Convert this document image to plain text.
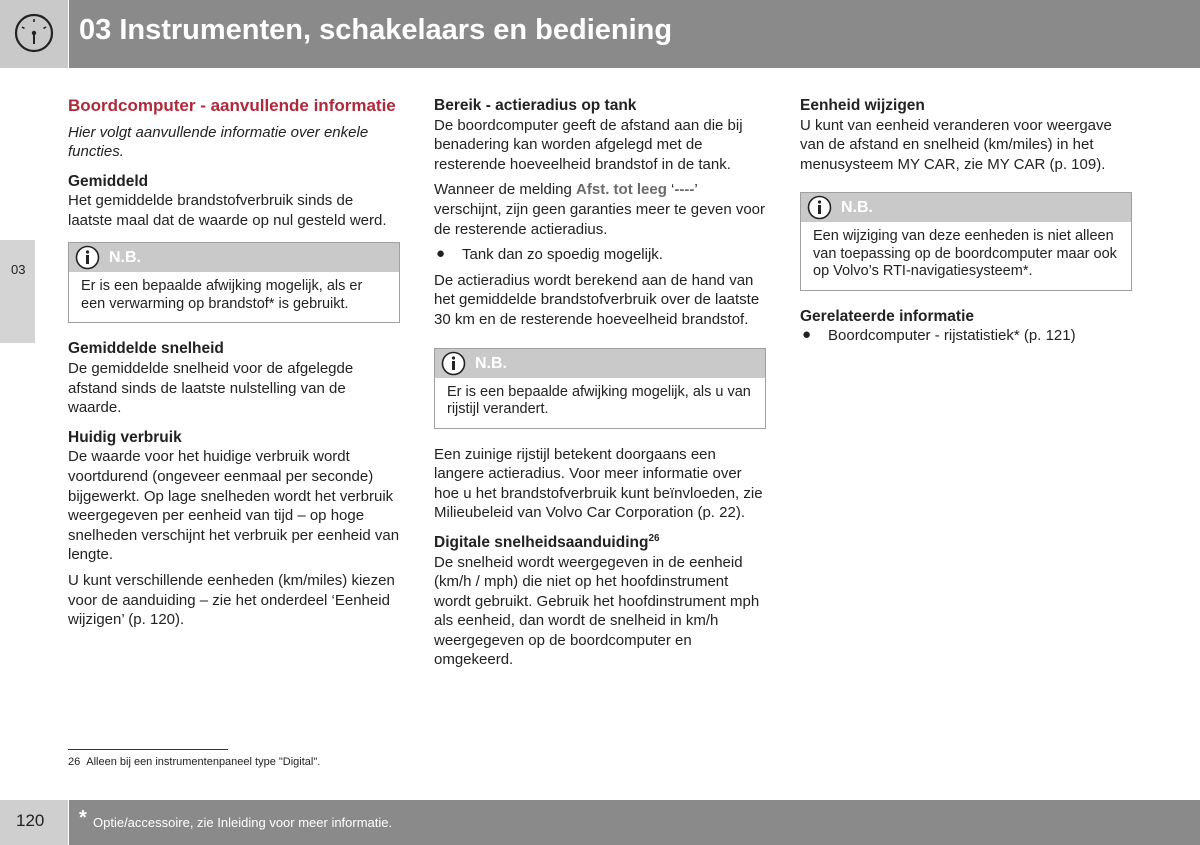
03 Instrumenten, schakelaars en bediening
03
Boordcomputer - aanvullende informatie

Hier volgt aanvullende informatie over enkele functies.

Gemiddeld

Het gemiddelde brandstofverbruik sinds de laatste maal dat de waarde op nul gesteld werd.

N.B.
Er is een bepaalde afwijking mogelijk, als er een verwarming op brandstof* is gebruikt.
Gemiddelde snelheid

De gemiddelde snelheid voor de afgelegde afstand sinds de laatste nulstelling van de waarde.

Huidig verbruik

De waarde voor het huidige verbruik wordt voortdurend (ongeveer eenmaal per seconde) bijgewerkt. Op lage snelheden wordt het verbruik weergegeven per eenheid van tijd – op hoge snelheden verschijnt het verbruik per eenheid van lengte.

U kunt verschillende eenheden (km/miles) kiezen voor de aanduiding – zie het onderdeel ‘Eenheid wijzigen’ (p. 120).

Bereik - actieradius op tank

De boordcomputer geeft de afstand aan die bij benadering kan worden afgelegd met de resterende hoeveelheid brandstof in de tank.

Wanneer de melding Afst. tot leeg ‘----’ verschijnt, zijn geen garanties meer te geven voor de resterende actieradius.

● Tank dan zo spoedig mogelijk.

De actieradius wordt berekend aan de hand van het gemiddelde brandstofverbruik over de laatste 30 km en de resterende hoeveelheid brandstof.

N.B.
Er is een bepaalde afwijking mogelijk, als u van rijstijl verandert.

Een zuinige rijstijl betekent doorgaans een langere actieradius. Voor meer informatie over hoe u het brandstofverbruik kunt beïnvloeden, zie Milieubeleid van Volvo Car Corporation (p. 22).

Digitale snelheidsaanduiding$^{26}$

De snelheid wordt weergegeven in de eenheid (km/h / mph) die niet op het hoofdinstrument wordt gebruikt. Gebruik het hoofdinstrument mph als eenheid, dan wordt de snelheid in km/h weergegeven op de boordcomputer en omgekeerd.

Eenheid wijzigen

U kunt van eenheid veranderen voor weergave van de afstand en snelheid (km/miles) in het menusysteem MY CAR, zie MY CAR (p. 109).

N.B.
Een wijziging van deze eenheden is niet alleen van toepassing op de boordcomputer maar ook op Volvo’s RTI-navigatiesysteem*.
Gerelateerde informatie
● Boordcomputer - rijstatistiek* (p. 121)
26 Alleen bij een instrumentenpaneel type "Digital".
120 * Optie/accessoire, zie Inleiding voor meer informatie.
